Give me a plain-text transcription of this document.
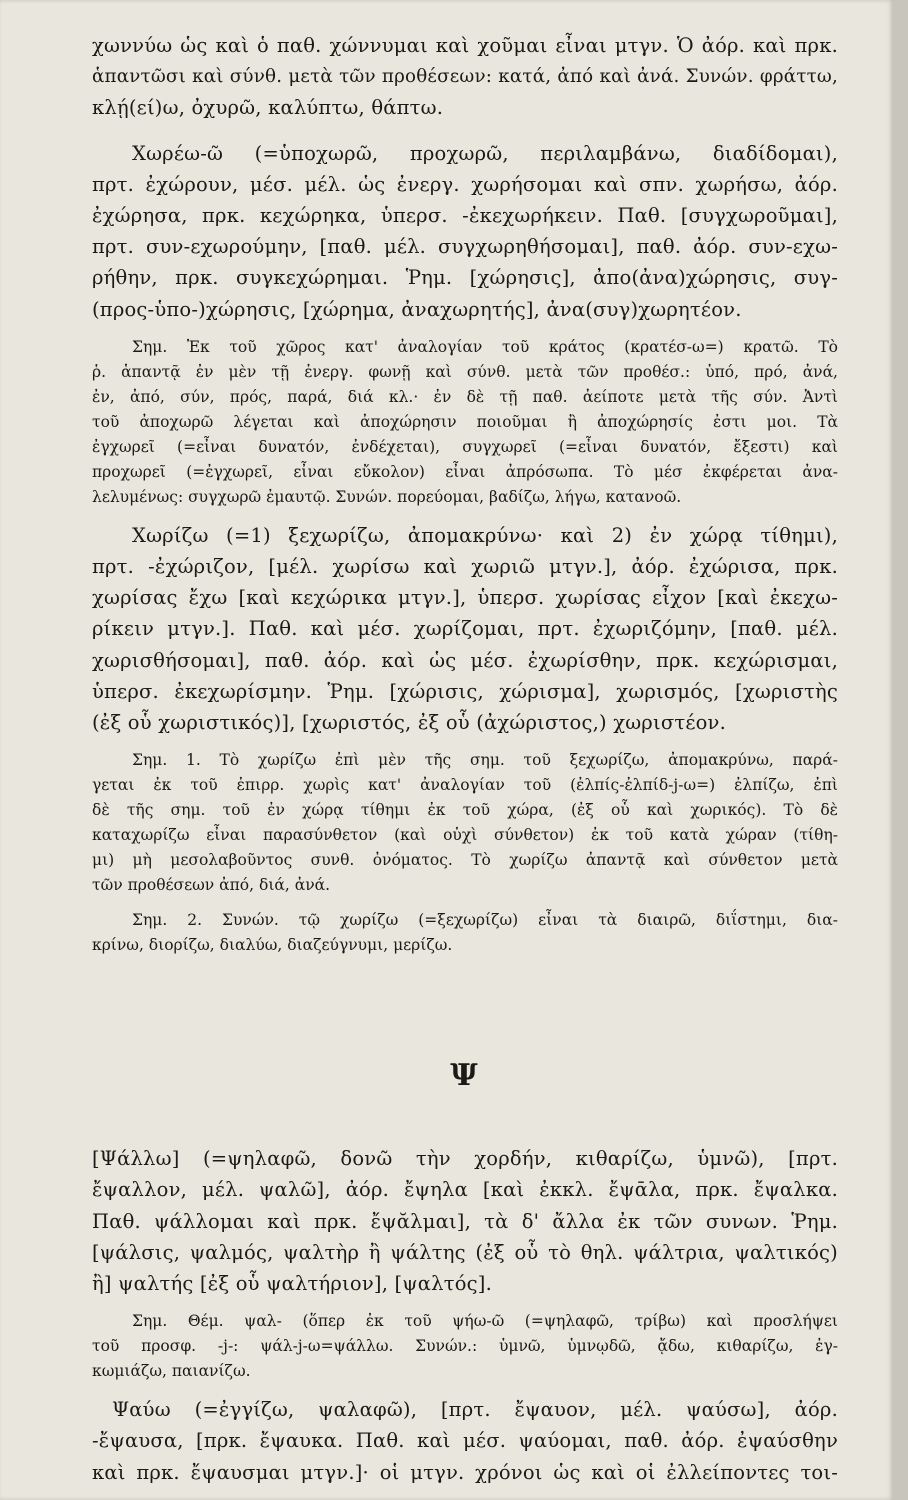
χωννύω ὡς καὶ ὁ παθ. χώννυμαι καὶ χοῦμαι εἶναι μτγν. Ὁ ἀόρ. καὶ πρκ.
ἁπαντῶσι καὶ σύνθ. μετὰ τῶν προθέσεων: κατά, ἀπό καὶ ἀνά. Συνών. φράττω,
κλῄ(εί)ω, ὀχυρῶ, καλύπτω, θάπτω.
Χωρέω-ῶ (=ὑποχωρῶ, προχωρῶ, περιλαμβάνω, διαδίδομαι),
πρτ. ἐχώρουν, μέσ. μέλ. ὡς ἐνεργ. χωρήσομαι καὶ σπν. χωρήσω, ἀόρ.
ἐχώρησα, πρκ. κεχώρηκα, ὑπερσ. -ἐκεχωρήκειν. Παθ. [συγχωροῦμαι],
πρτ. συν-εχωρούμην, [παθ. μέλ. συγχωρηθήσομαι], παθ. ἀόρ. συν-εχω-
ρήθην, πρκ. συγκεχώρημαι. Ῥημ. [χώρησις], ἀπο(ἀνα)χώρησις, συγ-
(προς-ὑπο-)χώρησις, [χώρημα, ἀναχωρητής], ἀνα(συγ)χωρητέον.
Σημ. Ἐκ τοῦ χῶρος κατ' ἀναλογίαν τοῦ κράτος (κρατέσ-ω=) κρατῶ. Τὸ
ῥ. ἁπαντᾷ ἐν μὲν τῇ ἐνεργ. φωνῇ καὶ σύνθ. μετὰ τῶν προθέσ.: ὑπό, πρό, ἀνά,
ἐν, ἀπό, σύν, πρός, παρά, διά κλ.· ἐν δὲ τῇ παθ. ἀείποτε μετὰ τῆς σύν. Ἀντὶ
τοῦ ἀποχωρῶ λέγεται καὶ ἀποχώρησιν ποιοῦμαι ἢ ἀποχώρησίς ἐστι μοι. Τὰ
ἐγχωρεῖ (=εἶναι δυνατόν, ἐνδέχεται), συγχωρεῖ (=εἶναι δυνατόν, ἔξεστι) καὶ
προχωρεῖ (=ἐγχωρεῖ, εἶναι εὔκολον) εἶναι ἀπρόσωπα. Τὸ μέσ ἐκφέρεται ἀνα-
λελυμένως: συγχωρῶ ἐμαυτῷ. Συνών. πορεύομαι, βαδίζω, λήγω, κατανοῶ.
Χωρίζω (=1) ξεχωρίζω, ἀπομακρύνω· καὶ 2) ἐν χώρᾳ τίθημι),
πρτ. -ἐχώριζον, [μέλ. χωρίσω καὶ χωριῶ μτγν.], ἀόρ. ἐχώρισα, πρκ.
χωρίσας ἔχω [καὶ κεχώρικα μτγν.], ὑπερσ. χωρίσας εἶχον [καὶ ἐκεχω-
ρίκειν μτγν.]. Παθ. καὶ μέσ. χωρίζομαι, πρτ. ἐχωριζόμην, [παθ. μέλ.
χωρισθήσομαι], παθ. ἀόρ. καὶ ὡς μέσ. ἐχωρίσθην, πρκ. κεχώρισμαι,
ὑπερσ. ἐκεχωρίσμην. Ῥημ. [χώρισις, χώρισμα], χωρισμός, [χωριστὴς
(ἐξ οὗ χωριστικός)], [χωριστός, ἐξ οὗ (ἀχώριστος,) χωριστέον.
Σημ. 1. Τὸ χωρίζω ἐπὶ μὲν τῆς σημ. τοῦ ξεχωρίζω, ἀπομακρύνω, παρά-
γεται ἐκ τοῦ ἐπιρρ. χωρὶς κατ' ἀναλογίαν τοῦ (ἐλπίς-ἐλπίδ-j-ω=) ἐλπίζω, ἐπὶ
δὲ τῆς σημ. τοῦ ἐν χώρᾳ τίθημι ἐκ τοῦ χώρα, (ἐξ οὗ καὶ χωρικός). Τὸ δὲ
καταχωρίζω εἶναι παρασύνθετον (καὶ οὐχὶ σύνθετον) ἐκ τοῦ κατὰ χώραν (τίθη-
μι) μὴ μεσολαβοῦντος συνθ. ὀνόματος. Τὸ χωρίζω ἀπαντᾷ καὶ σύνθετον μετὰ
τῶν προθέσεων ἀπό, διά, ἀνά.
Σημ. 2. Συνών. τῷ χωρίζω (=ξεχωρίζω) εἶναι τὰ διαιρῶ, διΐστημι, δια-
κρίνω, διορίζω, διαλύω, διαζεύγνυμι, μερίζω.
Ψ
[Ψάλλω] (=ψηλαφῶ, δονῶ τὴν χορδήν, κιθαρίζω, ὑμνῶ), [πρτ.
ἔψαλλον, μέλ. ψαλῶ], ἀόρ. ἔψηλα [καὶ ἐκκλ. ἔψᾱλα, πρκ. ἔψαλκα.
Παθ. ψάλλομαι καὶ πρκ. ἔψᾰλμαι], τὰ δ' ἄλλα ἐκ τῶν συνων. Ῥημ.
[ψάλσις, ψαλμός, ψαλτὴρ ἢ ψάλτης (ἐξ οὗ τὸ θηλ. ψάλτρια, ψαλτικός)
ἢ] ψαλτής [ἐξ οὗ ψαλτήριον], [ψαλτός].
Σημ. Θέμ. ψαλ- (ὅπερ ἐκ τοῦ ψήω-ῶ (=ψηλαφῶ, τρίβω) καὶ προσλήψει
τοῦ προσφ. -j-: ψάλ-j-ω=ψάλλω. Συνών.: ὑμνῶ, ὑμνῳδῶ, ᾄδω, κιθαρίζω, ἐγ-
κωμιάζω, παιανίζω.
Ψαύω (=ἐγγίζω, ψαλαφῶ), [πρτ. ἔψαυον, μέλ. ψαύσω], ἀόρ.
-ἔψαυσα, [πρκ. ἔψαυκα. Παθ. καὶ μέσ. ψαύομαι, παθ. ἀόρ. ἐψαύσθην
καὶ πρκ. ἔψαυσμαι μτγν.]· οἱ μτγν. χρόνοι ὡς καὶ οἱ ἐλλείποντες τοι-
